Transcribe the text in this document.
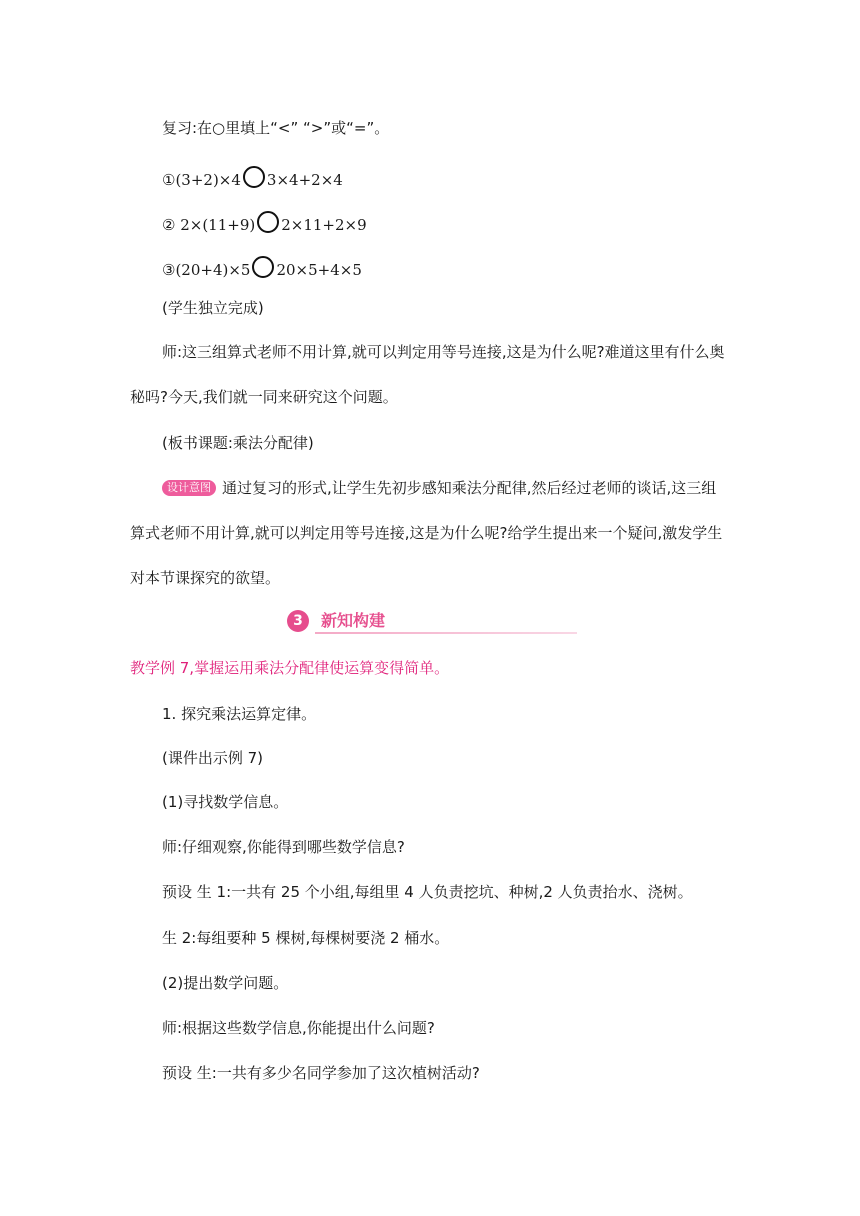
复习:在○里填上“<” “>”或“=”。
①(3+2)×4 3×4+2×4
② 2×(11+9) 2×11+2×9
③(20+4)×5 20×5+4×5
(学生独立完成)
师:这三组算式老师不用计算,就可以判定用等号连接,这是为什么呢?难道这里有什么奥秘吗?今天,我们就一同来研究这个问题。
(板书课题:乘法分配律)
设计意图 通过复习的形式,让学生先初步感知乘法分配律,然后经过老师的谈话,这三组算式老师不用计算,就可以判定用等号连接,这是为什么呢?给学生提出来一个疑问,激发学生对本节课探究的欲望。
3	新知构建
教学例 7,掌握运用乘法分配律使运算变得简单。
1. 探究乘法运算定律。
(课件出示例 7)
(1)寻找数学信息。
师:仔细观察,你能得到哪些数学信息?
预设 生 1:一共有 25 个小组,每组里 4 人负责挖坑、种树,2 人负责抬水、浇树。
生 2:每组要种 5 棵树,每棵树要浇 2 桶水。
(2)提出数学问题。
师:根据这些数学信息,你能提出什么问题?
预设 生:一共有多少名同学参加了这次植树活动?
